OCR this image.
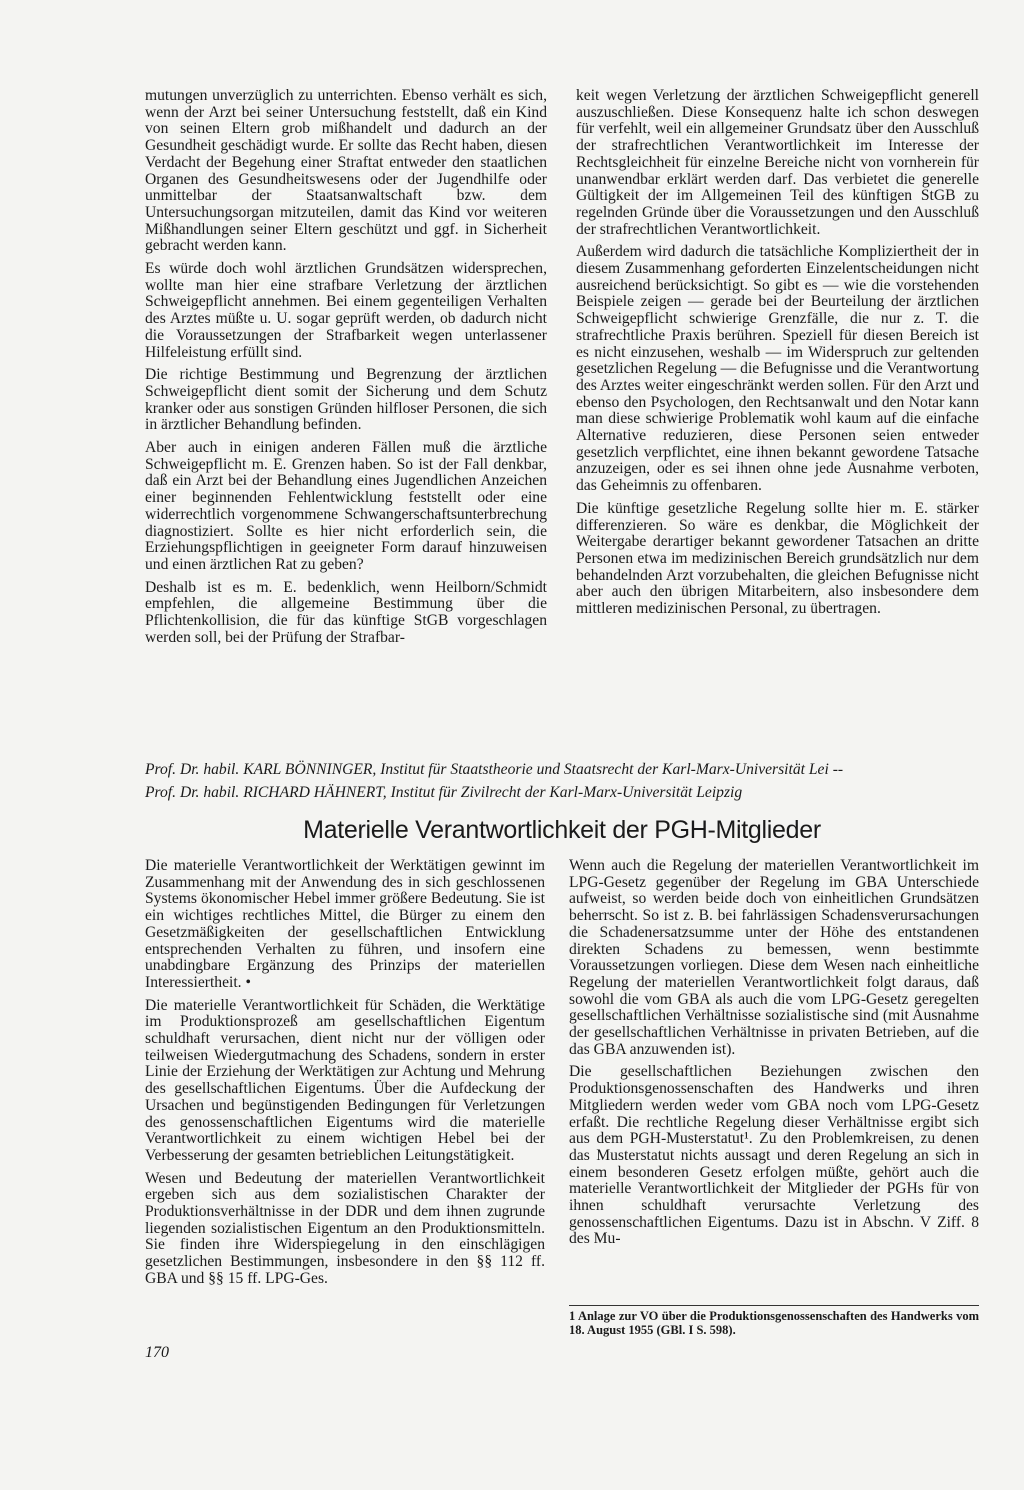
mutungen unverzüglich zu unterrichten. Ebenso verhält es sich, wenn der Arzt bei seiner Untersuchung feststellt, daß ein Kind von seinen Eltern grob mißhandelt und dadurch an der Gesundheit geschädigt wurde. Er sollte das Recht haben, diesen Verdacht der Begehung einer Straftat entweder den staatlichen Organen des Gesundheitswesens oder der Jugendhilfe oder unmittelbar der Staatsanwaltschaft bzw. dem Untersuchungsorgan mitzuteilen, damit das Kind vor weiteren Mißhandlungen seiner Eltern geschützt und ggf. in Sicherheit gebracht werden kann.

Es würde doch wohl ärztlichen Grundsätzen widersprechen, wollte man hier eine strafbare Verletzung der ärztlichen Schweigepflicht annehmen. Bei einem gegenteiligen Verhalten des Arztes müßte u. U. sogar geprüft werden, ob dadurch nicht die Voraussetzungen der Strafbarkeit wegen unterlassener Hilfeleistung erfüllt sind.

Die richtige Bestimmung und Begrenzung der ärztlichen Schweigepflicht dient somit der Sicherung und dem Schutz kranker oder aus sonstigen Gründen hilfloser Personen, die sich in ärztlicher Behandlung befinden.

Aber auch in einigen anderen Fällen muß die ärztliche Schweigepflicht m. E. Grenzen haben. So ist der Fall denkbar, daß ein Arzt bei der Behandlung eines Jugendlichen Anzeichen einer beginnenden Fehlentwicklung feststellt oder eine widerrechtlich vorgenommene Schwangerschaftsunterbrechung diagnostiziert. Sollte es hier nicht erforderlich sein, die Erziehungspflichtigen in geeigneter Form darauf hinzuweisen und einen ärztlichen Rat zu geben?

Deshalb ist es m. E. bedenklich, wenn Heilborn/Schmidt empfehlen, die allgemeine Bestimmung über die Pflichtenkollision, die für das künftige StGB vorgeschlagen werden soll, bei der Prüfung der Strafbar-

keit wegen Verletzung der ärztlichen Schweigepflicht generell auszuschließen. Diese Konsequenz halte ich schon deswegen für verfehlt, weil ein allgemeiner Grundsatz über den Ausschluß der strafrechtlichen Verantwortlichkeit im Interesse der Rechtsgleichheit für einzelne Bereiche nicht von vornherein für unanwendbar erklärt werden darf. Das verbietet die generelle Gültigkeit der im Allgemeinen Teil des künftigen StGB zu regelnden Gründe über die Voraussetzungen und den Ausschluß der strafrechtlichen Verantwortlichkeit.

Außerdem wird dadurch die tatsächliche Kompliziertheit der in diesem Zusammenhang geforderten Einzelentscheidungen nicht ausreichend berücksichtigt. So gibt es — wie die vorstehenden Beispiele zeigen — gerade bei der Beurteilung der ärztlichen Schweigepflicht schwierige Grenzfälle, die nur z. T. die strafrechtliche Praxis berühren. Speziell für diesen Bereich ist es nicht einzusehen, weshalb — im Widerspruch zur geltenden gesetzlichen Regelung — die Befugnisse und die Verantwortung des Arztes weiter eingeschränkt werden sollen. Für den Arzt und ebenso den Psychologen, den Rechtsanwalt und den Notar kann man diese schwierige Problematik wohl kaum auf die einfache Alternative reduzieren, diese Personen seien entweder gesetzlich verpflichtet, eine ihnen bekannt gewordene Tatsache anzuzeigen, oder es sei ihnen ohne jede Ausnahme verboten, das Geheimnis zu offenbaren.

Die künftige gesetzliche Regelung sollte hier m. E. stärker differenzieren. So wäre es denkbar, die Möglichkeit der Weitergabe derartiger bekannt gewordener Tatsachen an dritte Personen etwa im medizinischen Bereich grundsätzlich nur dem behandelnden Arzt vorzubehalten, die gleichen Befugnisse nicht aber auch den übrigen Mitarbeitern, also insbesondere dem mittleren medizinischen Personal, zu übertragen.

Prof. Dr. habil. KARL BÖNNINGER, Institut für Staatstheorie und Staatsrecht der Karl-Marx-Universität Lei --
Prof. Dr. habil. RICHARD HÄHNERT, Institut für Zivilrecht der Karl-Marx-Universität Leipzig
Materielle Verantwortlichkeit der PGH-Mitglieder

Die materielle Verantwortlichkeit der Werktätigen gewinnt im Zusammenhang mit der Anwendung des in sich geschlossenen Systems ökonomischer Hebel immer größere Bedeutung. Sie ist ein wichtiges rechtliches Mittel, die Bürger zu einem den Gesetzmäßigkeiten der gesellschaftlichen Entwicklung entsprechenden Verhalten zu führen, und insofern eine unabdingbare Ergänzung des Prinzips der materiellen Interessiertheit. •

Die materielle Verantwortlichkeit für Schäden, die Werktätige im Produktionsprozeß am gesellschaftlichen Eigentum schuldhaft verursachen, dient nicht nur der völligen oder teilweisen Wiedergutmachung des Schadens, sondern in erster Linie der Erziehung der Werktätigen zur Achtung und Mehrung des gesellschaftlichen Eigentums. Über die Aufdeckung der Ursachen und begünstigenden Bedingungen für Verletzungen des genossenschaftlichen Eigentums wird die materielle Verantwortlichkeit zu einem wichtigen Hebel bei der Verbesserung der gesamten betrieblichen Leitungstätigkeit.

Wesen und Bedeutung der materiellen Verantwortlichkeit ergeben sich aus dem sozialistischen Charakter der Produktionsverhältnisse in der DDR und dem ihnen zugrunde liegenden sozialistischen Eigentum an den Produktionsmitteln. Sie finden ihre Widerspiegelung in den einschlägigen gesetzlichen Bestimmungen, insbesondere in den §§ 112 ff. GBA und §§ 15 ff. LPG-Ges.

Wenn auch die Regelung der materiellen Verantwortlichkeit im LPG-Gesetz gegenüber der Regelung im GBA Unterschiede aufweist, so werden beide doch von einheitlichen Grundsätzen beherrscht. So ist z. B. bei fahrlässigen Schadensverursachungen die Schadenersatzsumme unter der Höhe des entstandenen direkten Schadens zu bemessen, wenn bestimmte Voraussetzungen vorliegen. Diese dem Wesen nach einheitliche Regelung der materiellen Verantwortlichkeit folgt daraus, daß sowohl die vom GBA als auch die vom LPG-Gesetz geregelten gesellschaftlichen Verhältnisse sozialistische sind (mit Ausnahme der gesellschaftlichen Verhältnisse in privaten Betrieben, auf die das GBA anzuwenden ist).

Die gesellschaftlichen Beziehungen zwischen den Produktionsgenossenschaften des Handwerks und ihren Mitgliedern werden weder vom GBA noch vom LPG-Gesetz erfaßt. Die rechtliche Regelung dieser Verhältnisse ergibt sich aus dem PGH-Musterstatut¹. Zu den Problemkreisen, zu denen das Musterstatut nichts aussagt und deren Regelung an sich in einem besonderen Gesetz erfolgen müßte, gehört auch die materielle Verantwortlichkeit der Mitglieder der PGHs für von ihnen schuldhaft verursachte Verletzung des genossenschaftlichen Eigentums. Dazu ist in Abschn. V Ziff. 8 des Mu-

1 Anlage zur VO über die Produktionsgenossenschaften des Handwerks vom 18. August 1955 (GBl. I S. 598).
170
